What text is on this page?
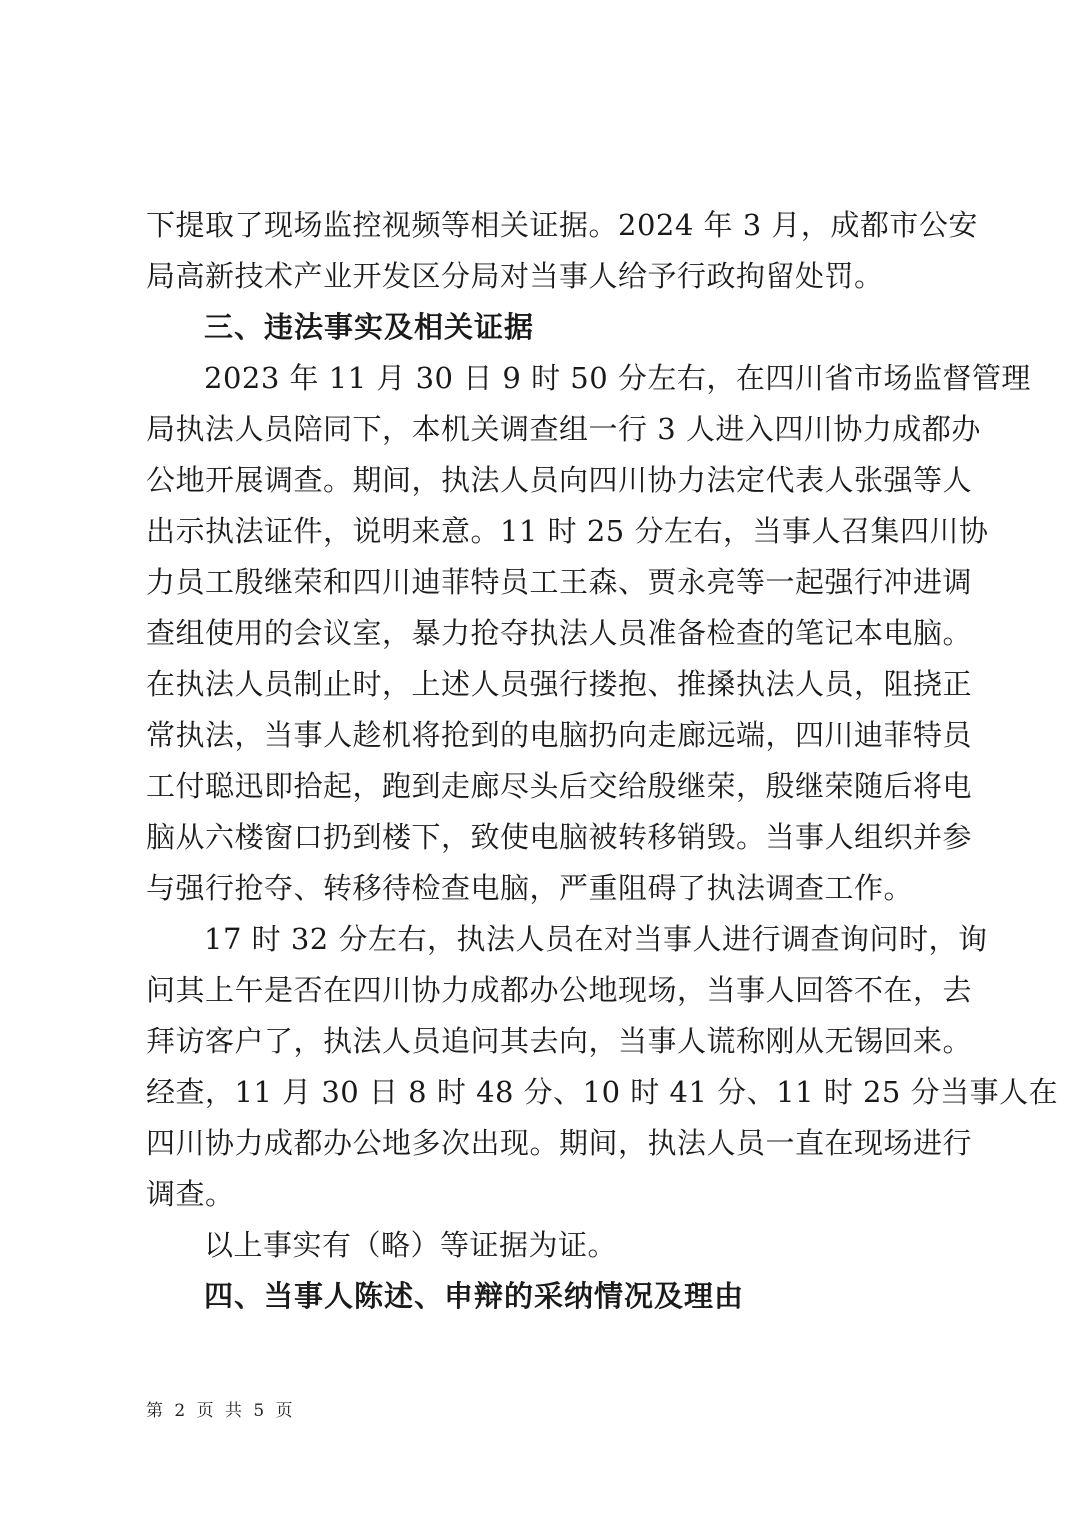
下提取了现场监控视频等相关证据。2024 年 3 月，成都市公安
局高新技术产业开发区分局对当事人给予行政拘留处罚。
三、违法事实及相关证据
2023 年 11 月 30 日 9 时 50 分左右，在四川省市场监督管理
局执法人员陪同下，本机关调查组一行 3 人进入四川协力成都办
公地开展调查。期间，执法人员向四川协力法定代表人张强等人
出示执法证件，说明来意。11 时 25 分左右，当事人召集四川协
力员工殷继荣和四川迪菲特员工王森、贾永亮等一起强行冲进调
查组使用的会议室，暴力抢夺执法人员准备检查的笔记本电脑。
在执法人员制止时，上述人员强行搂抱、推搡执法人员，阻挠正
常执法，当事人趁机将抢到的电脑扔向走廊远端，四川迪菲特员
工付聪迅即拾起，跑到走廊尽头后交给殷继荣，殷继荣随后将电
脑从六楼窗口扔到楼下，致使电脑被转移销毁。当事人组织并参
与强行抢夺、转移待检查电脑，严重阻碍了执法调查工作。
17 时 32 分左右，执法人员在对当事人进行调查询问时，询
问其上午是否在四川协力成都办公地现场，当事人回答不在，去
拜访客户了，执法人员追问其去向，当事人谎称刚从无锡回来。
经查，11 月 30 日 8 时 48 分、10 时 41 分、11 时 25 分当事人在
四川协力成都办公地多次出现。期间，执法人员一直在现场进行
调查。
以上事实有（略）等证据为证。
四、当事人陈述、申辩的采纳情况及理由
第 2 页 共 5 页
